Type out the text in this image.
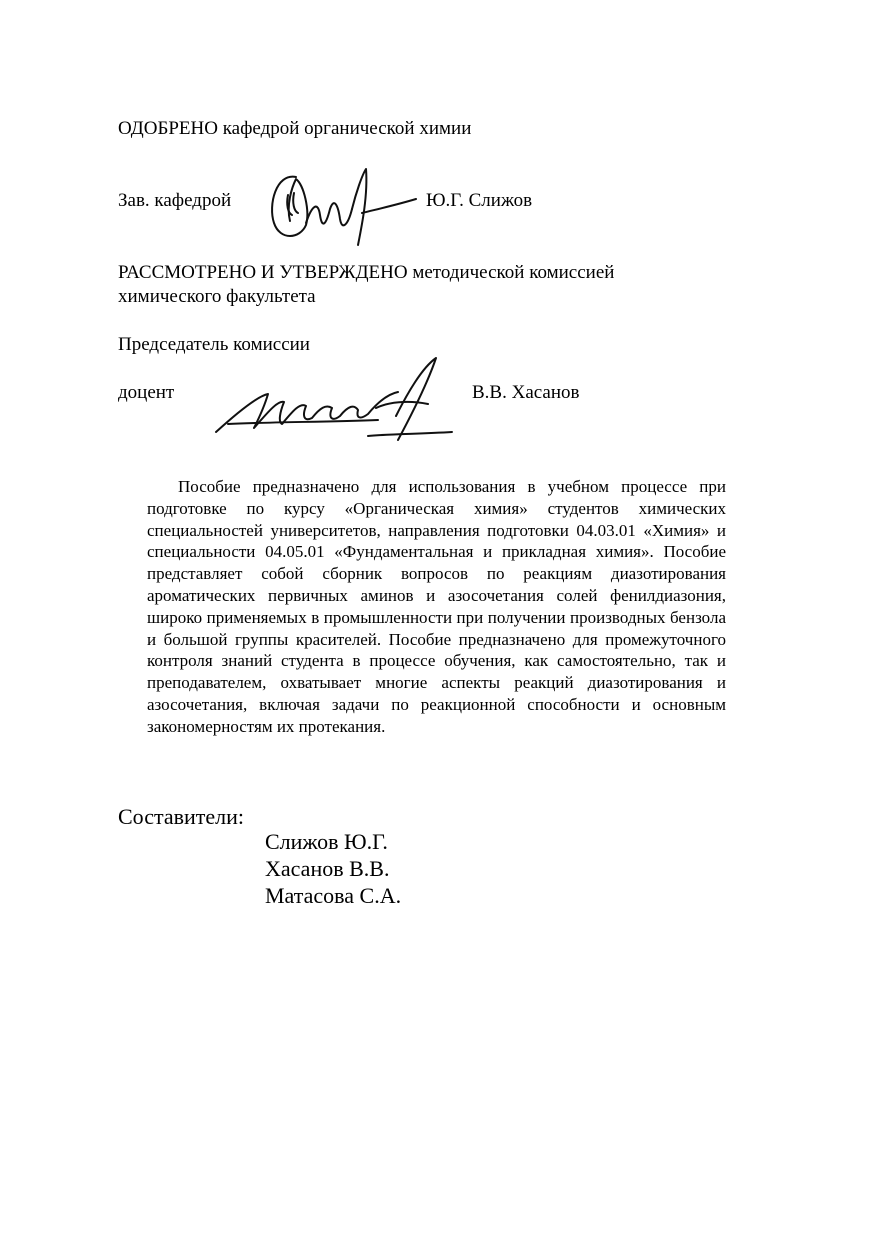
ОДОБРЕНО кафедрой органической химии
Зав. кафедрой	Ю.Г. Слижов
РАССМОТРЕНО И УТВЕРЖДЕНО методической комиссией
химического факультета
Председатель комиссии
доцент	В.В. Хасанов
Пособие предназначено для использования в учебном процессе при подготовке по курсу «Органическая химия» студентов химических специальностей университетов, направления подготовки 04.03.01 «Химия» и специальности 04.05.01 «Фундаментальная и прикладная химия». Пособие представляет собой сборник вопросов по реакциям диазотирования ароматических первичных аминов и азосочетания солей фенилдиазония, широко применяемых в промышленности при получении производных бензола и большой группы красителей. Пособие предназначено для промежуточного контроля знаний студента в процессе обучения, как самостоятельно, так и преподавателем, охватывает многие аспекты реакций диазотирования и азосочетания, включая задачи по реакционной способности и основным закономерностям их протекания.
Составители:
Слижов Ю.Г.
Хасанов В.В.
Матасова С.А.
